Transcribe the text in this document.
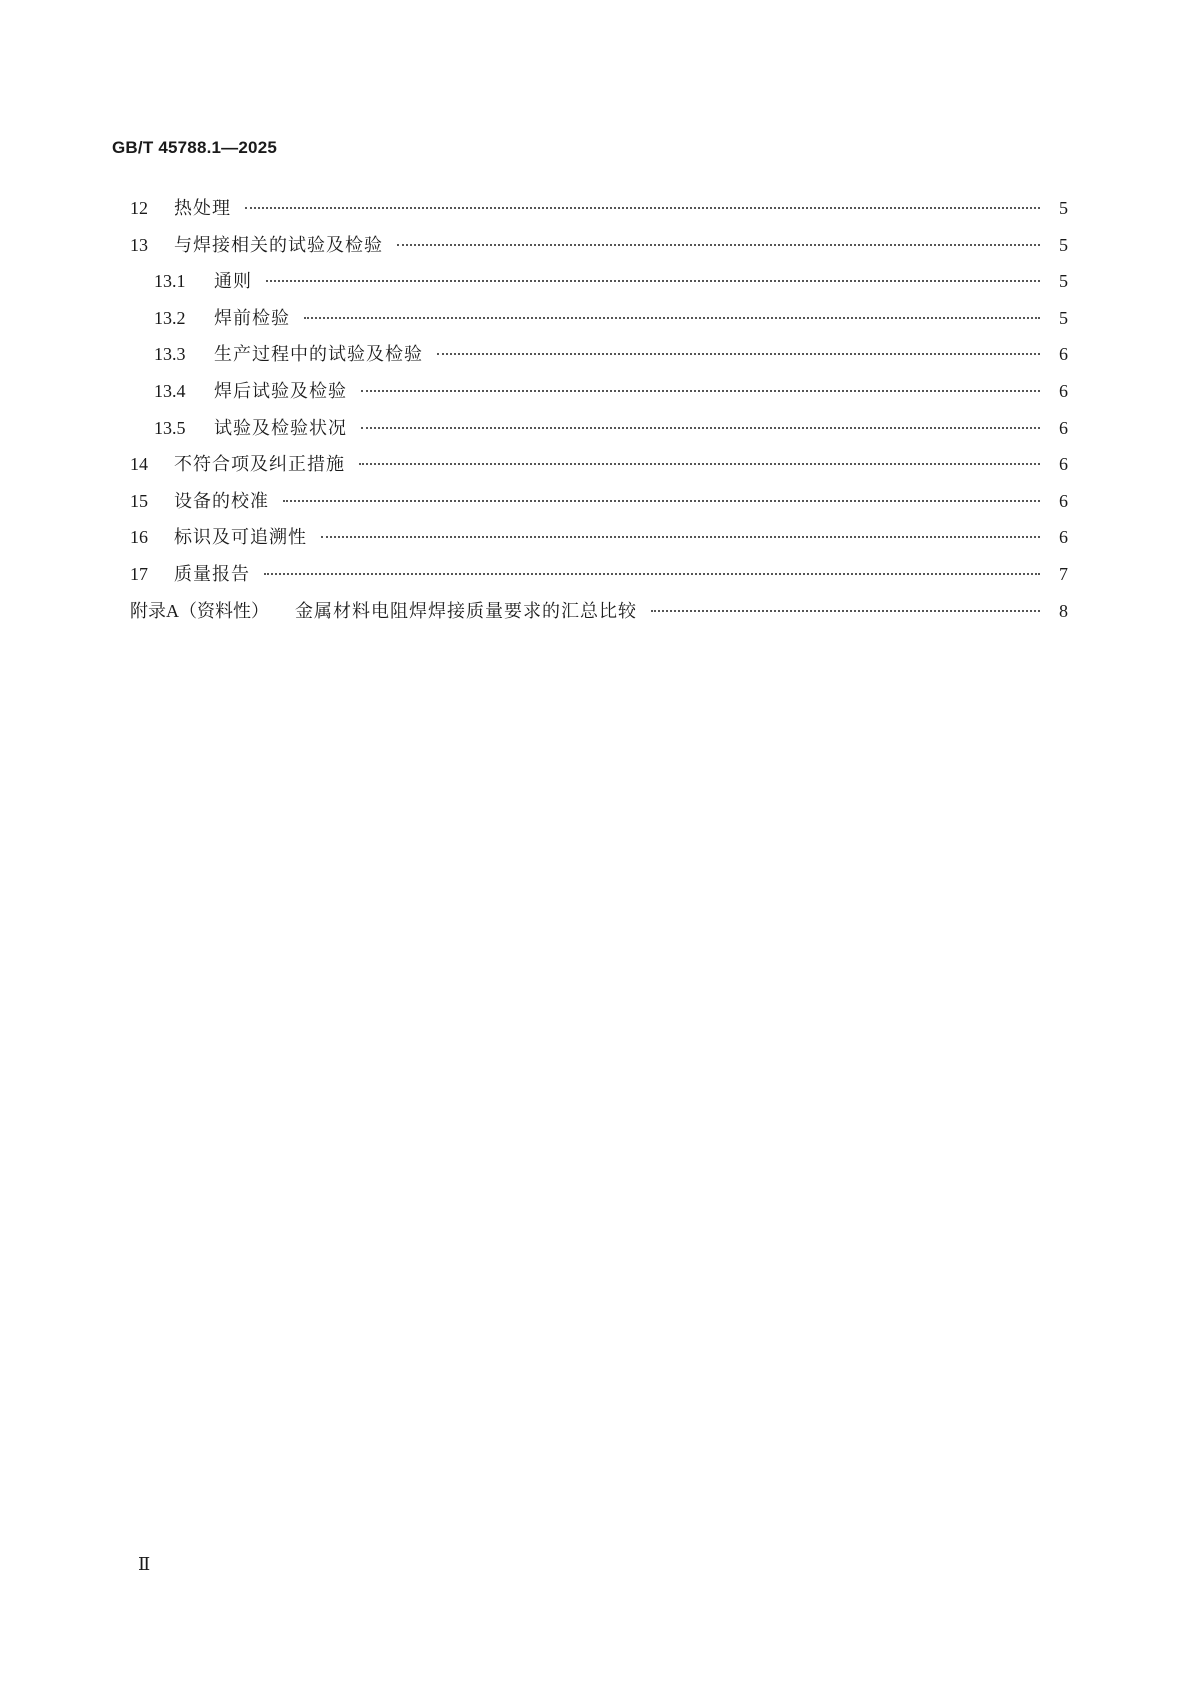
GB/T 45788.1—2025
12	热处理	5
13	与焊接相关的试验及检验	5
13.1	通则	5
13.2	焊前检验	5
13.3	生产过程中的试验及检验	6
13.4	焊后试验及检验	6
13.5	试验及检验状况	6
14	不符合项及纠正措施	6
15	设备的校准	6
16	标识及可追溯性	6
17	质量报告	7
附录A（资料性） 金属材料电阻焊焊接质量要求的汇总比较	8
Ⅱ
